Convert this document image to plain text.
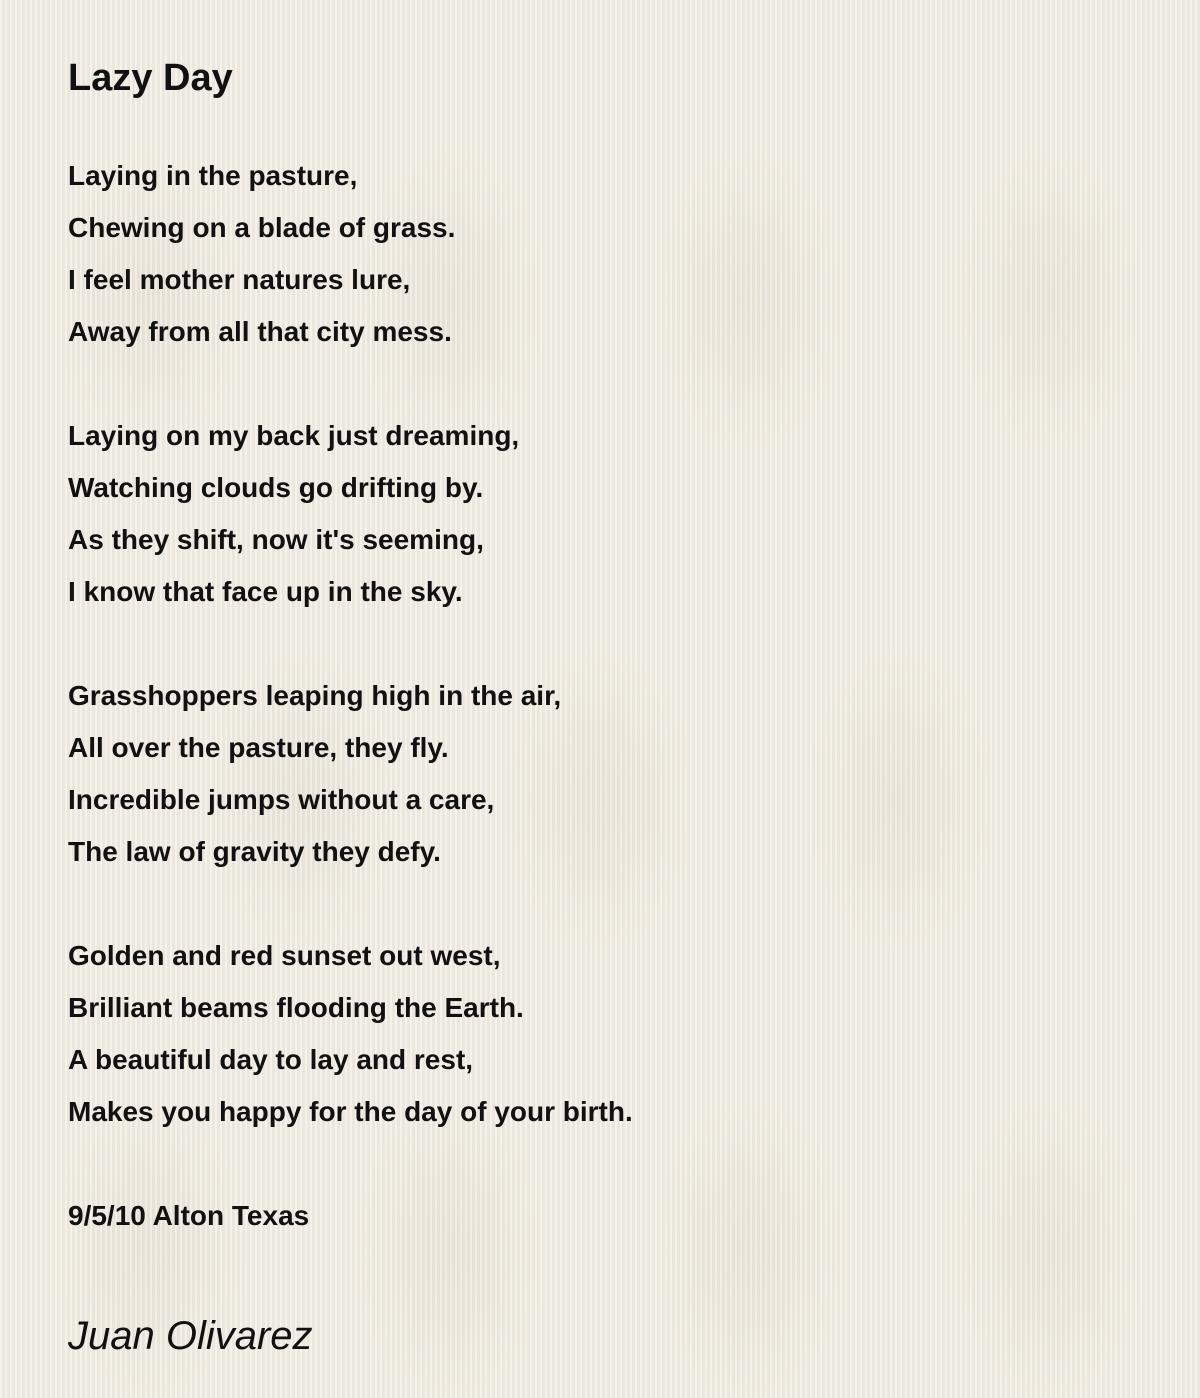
Lazy Day
Laying in the pasture,
Chewing on a blade of grass.
I feel mother natures lure,
Away from all that city mess.
Laying on my back just dreaming,
Watching clouds go drifting by.
As they shift, now it's seeming,
I know that face up in the sky.
Grasshoppers leaping high in the air,
All over the pasture, they fly.
Incredible jumps without a care,
The law of gravity they defy.
Golden and red sunset out west,
Brilliant beams flooding the Earth.
A beautiful day to lay and rest,
Makes you happy for the day of your birth.
9/5/10 Alton Texas
Juan Olivarez
